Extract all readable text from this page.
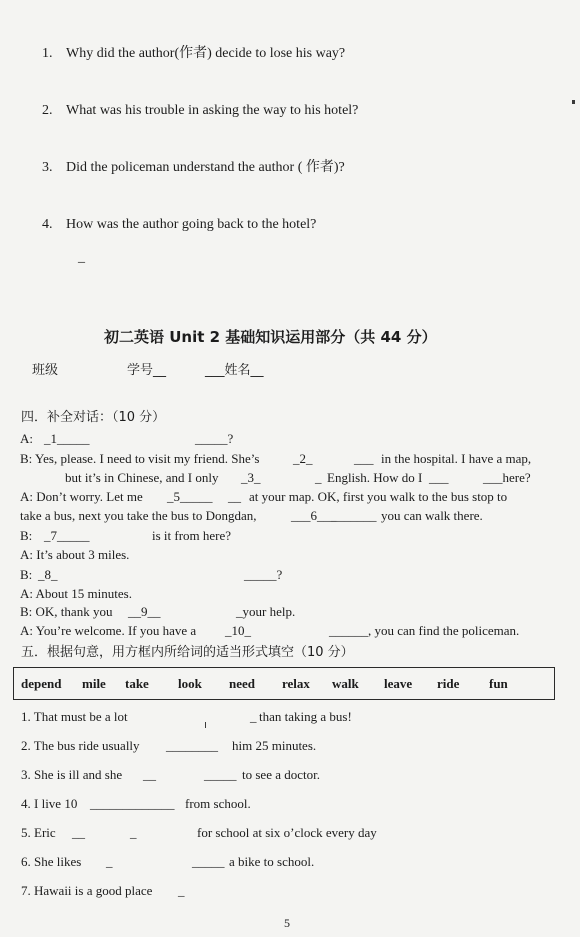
1. Why did the author(作者) decide to lose his way?
2. What was his trouble in asking the way to his hotel?
3. Did the policeman understand the author ( 作者)?
4. How was the author going back to the hotel?
_
初二英语 Unit 2 基础知识运用部分（共 44 分）
班级	学号__	___姓名__
四．补全对话：（10 分）
A: _1_____	_____?
B: Yes, please. I need to visit my friend. She’s	_2_	___ in the hospital. I have a map,
but it’s in Chinese, and I only _3_	_ English. How do I ___	___here?
A: Don’t worry. Let me _5_____ __ at your map. OK, first you walk to the bus stop to
take a bus, next you take the bus to Dongdan,	___6___
_______ you can walk there.
B: _7_____	is it from here?
A: It’s about 3 miles.
B: _8_	_____?
A: About 15 minutes.
B: OK, thank you __9__	_your help.
A: You’re welcome. If you have a _10_	______ , you can find the policeman.
五．根据句意，用方框内所给词的适当形式填空（10 分）
depend mile take look need relax walk leave ride fun
1. That must be a lot	_ than taking a bus!
2. The bus ride usually ________ him 25 minutes.
3. She is ill and she __	_____ to see a doctor.
4. I live 10 _____________ from school.
5. Eric __	_	for school at six o’clock every day
6. She likes _	_____ a bike to school.
7. Hawaii is a good place _
5
